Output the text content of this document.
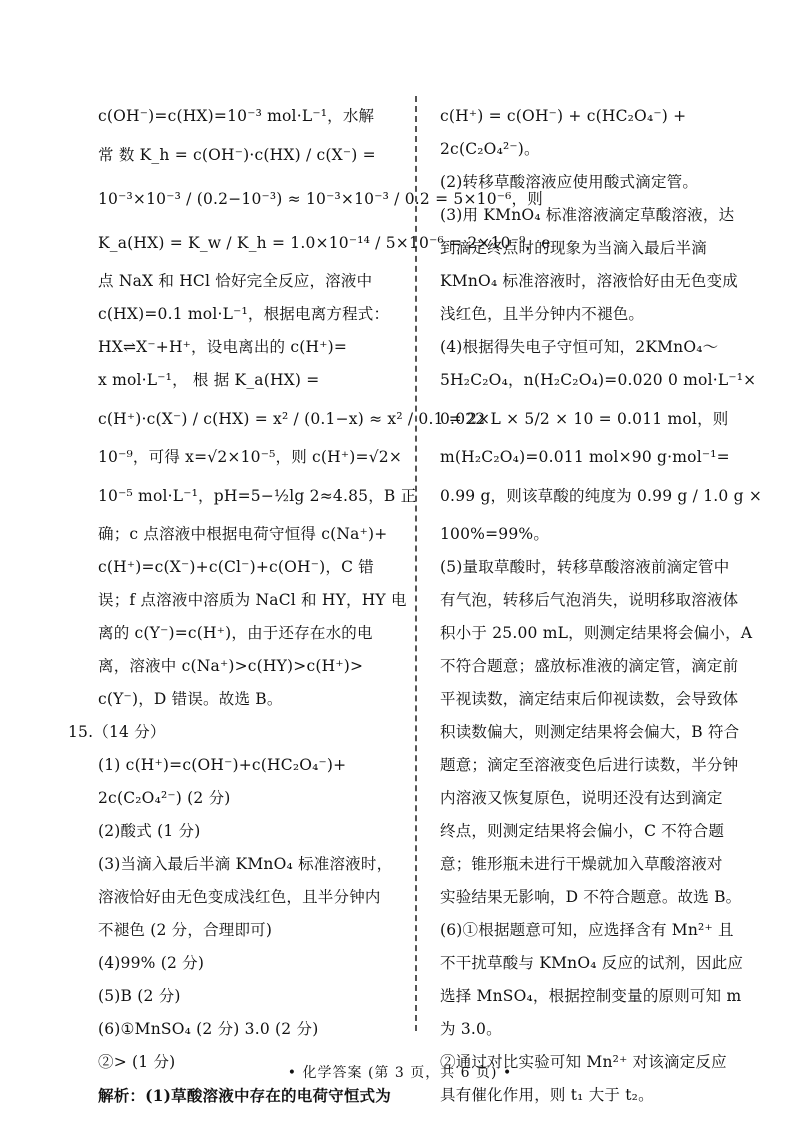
c(OH⁻)=c(HX)=10⁻³ mol·L⁻¹，水解
常 数 K_h = c(OH⁻)·c(HX) / c(X⁻) =
10⁻³×10⁻³ / (0.2−10⁻³) ≈ 10⁻³×10⁻³ / 0.2 = 5×10⁻⁶，则
K_a(HX) = K_w / K_h = 1.0×10⁻¹⁴ / 5×10⁻⁶ = 2×10⁻⁹，e
点 NaX 和 HCl 恰好完全反应，溶液中
c(HX)=0.1 mol·L⁻¹，根据电离方程式：
HX⇌X⁻+H⁺，设电离出的 c(H⁺)=
x mol·L⁻¹， 根 据 K_a(HX) =
c(H⁺)·c(X⁻) / c(HX) = x² / (0.1−x) ≈ x² / 0.1 = 2×
10⁻⁹，可得 x=√2×10⁻⁵，则 c(H⁺)=√2×
10⁻⁵ mol·L⁻¹，pH=5−½lg 2≈4.85，B 正
确；c 点溶液中根据电荷守恒得 c(Na⁺)+
c(H⁺)=c(X⁻)+c(Cl⁻)+c(OH⁻)，C 错
误；f 点溶液中溶质为 NaCl 和 HY，HY 电
离的 c(Y⁻)=c(H⁺)，由于还存在水的电
离，溶液中 c(Na⁺)>c(HY)>c(H⁺)>
c(Y⁻)，D 错误。故选 B。
15.（14 分）
(1) c(H⁺)=c(OH⁻)+c(HC₂O₄⁻)+
2c(C₂O₄²⁻) (2 分)
(2)酸式 (1 分)
(3)当滴入最后半滴 KMnO₄ 标准溶液时，
溶液恰好由无色变成浅红色，且半分钟内
不褪色 (2 分，合理即可)
(4)99% (2 分)
(5)B (2 分)
(6)①MnSO₄ (2 分) 3.0 (2 分)
②> (1 分)
解析：(1)草酸溶液中存在的电荷守恒式为
c(H⁺) = c(OH⁻) + c(HC₂O₄⁻) +
2c(C₂O₄²⁻)。
(2)转移草酸溶液应使用酸式滴定管。
(3)用 KMnO₄ 标准溶液滴定草酸溶液，达
到滴定终点时的现象为当滴入最后半滴
KMnO₄ 标准溶液时，溶液恰好由无色变成
浅红色，且半分钟内不褪色。
(4)根据得失电子守恒可知，2KMnO₄～
5H₂C₂O₄，n(H₂C₂O₄)=0.020 0 mol·L⁻¹×
0.022 L × 5/2 × 10 = 0.011 mol，则
m(H₂C₂O₄)=0.011 mol×90 g·mol⁻¹=
0.99 g，则该草酸的纯度为 0.99 g / 1.0 g ×
100%=99%。
(5)量取草酸时，转移草酸溶液前滴定管中
有气泡，转移后气泡消失，说明移取溶液体
积小于 25.00 mL，则测定结果将会偏小，A
不符合题意；盛放标准液的滴定管，滴定前
平视读数，滴定结束后仰视读数，会导致体
积读数偏大，则测定结果将会偏大，B 符合
题意；滴定至溶液变色后进行读数，半分钟
内溶液又恢复原色，说明还没有达到滴定
终点，则测定结果将会偏小，C 不符合题
意；锥形瓶未进行干燥就加入草酸溶液对
实验结果无影响，D 不符合题意。故选 B。
(6)①根据题意可知，应选择含有 Mn²⁺ 且
不干扰草酸与 KMnO₄ 反应的试剂，因此应
选择 MnSO₄，根据控制变量的原则可知 m
为 3.0。
②通过对比实验可知 Mn²⁺ 对该滴定反应
具有催化作用，则 t₁ 大于 t₂。
• 化学答案 (第 3 页，共 6 页) •
